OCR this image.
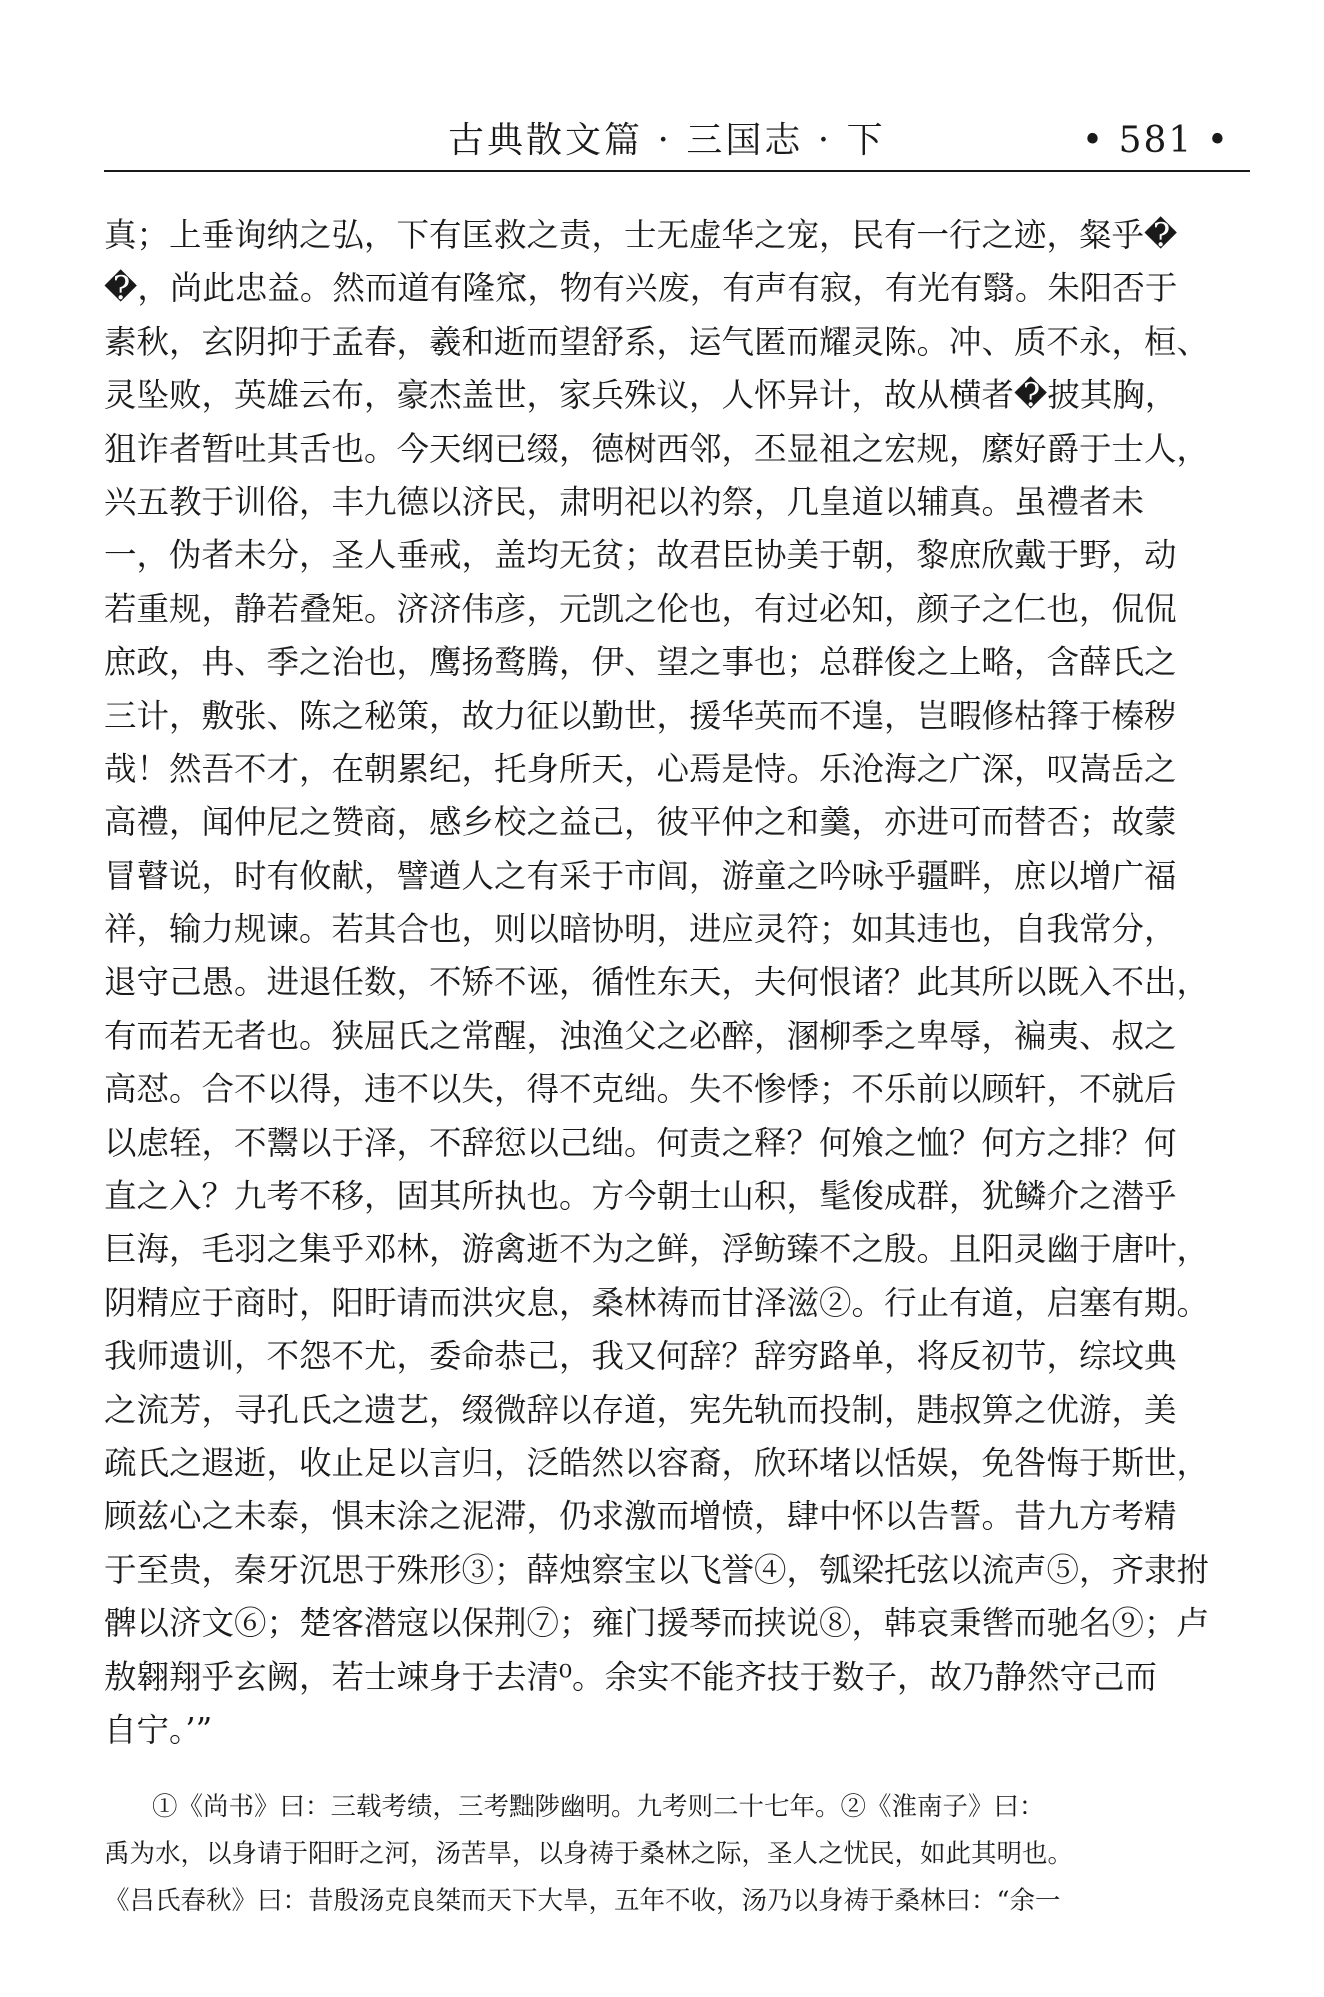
古典散文篇 · 三国志 · 下	• 581 •
真；上垂询纳之弘，下有匡救之责，士无虚华之宠，民有一行之迹，粲乎�
�，尚此忠益。然而道有隆窊，物有兴废，有声有寂，有光有翳。朱阳否于
素秋，玄阴抑于孟春，羲和逝而望舒系，运气匿而耀灵陈。冲、质不永，桓、
灵坠败，英雄云布，豪杰盖世，家兵殊议，人怀异计，故从横者�披其胸，
狙诈者暂吐其舌也。今天纲已缀，德树西邻，丕显祖之宏规，縻好爵于士人，
兴五教于训俗，丰九德以济民，肃明祀以礿祭，几皇道以辅真。虽禮者未
一，伪者未分，圣人垂戒，盖均无贫；故君臣协美于朝，黎庶欣戴于野，动
若重规，静若叠矩。济济伟彦，元凯之伦也，有过必知，颜子之仁也，侃侃
庶政，冉、季之治也，鹰扬鹜腾，伊、望之事也；总群俊之上略，含薛氏之
三计，敷张、陈之秘策，故力征以勤世，援华英而不遑，岂暇修枯箨于榛秽
哉！然吾不才，在朝累纪，托身所天，心焉是恃。乐沧海之广深，叹嵩岳之
高禮，闻仲尼之赞商，感乡校之益己，彼平仲之和羹，亦进可而替否；故蒙
冒瞽说，时有攸献，譬遒人之有采于市闾，游童之吟咏乎疆畔，庶以增广福
祥，输力规谏。若其合也，则以暗协明，进应灵符；如其违也，自我常分，
退守己愚。进退任数，不矫不诬，循性东天，夫何恨诸？此其所以既入不出，
有而若无者也。狭屈氏之常醒，浊渔父之必醉，溷柳季之卑辱，褊夷、叔之
高怼。合不以得，违不以失，得不克绌。失不惨悸；不乐前以顾轩，不就后
以虑轾，不鬻以于泽，不辞愆以己绌。何责之释？何飧之恤？何方之排？何
直之入？九考不移，固其所执也。方今朝士山积，髦俊成群，犹鳞介之潜乎
巨海，毛羽之集乎邓林，游禽逝不为之鲜，浮鲂臻不之殷。且阳灵幽于唐叶，
阴精应于商时，阳盱请而洪灾息，桑林祷而甘泽滋②。行止有道，启塞有期。
我师遗训，不怨不尤，委命恭己，我又何辞？辞穷路单，将反初节，综坟典
之流芳，寻孔氏之遗艺，缀微辞以存道，宪先轨而投制，韪叔箅之优游，美
疏氏之遐逝，收止足以言归，泛皓然以容裔，欣环堵以恬娱，免咎悔于斯世，
顾兹心之未泰，惧末涂之泥滞，仍求激而增愤，肆中怀以告誓。昔九方考精
于至贵，秦牙沉思于殊形③；薛烛察宝以飞誉④，瓠梁托弦以流声⑤，齐隶拊
髀以济文⑥；楚客潜寇以保荆⑦；雍门援琴而挟说⑧，韩哀秉辔而驰名⑨；卢
敖翱翔乎玄阙，若士竦身于去清⁰。余实不能齐技于数子，故乃静然守己而
自宁。’”
①《尚书》曰：三载考绩，三考黜陟幽明。九考则二十七年。②《淮南子》曰：
禹为水，以身请于阳盱之河，汤苦旱，以身祷于桑林之际，圣人之忧民，如此其明也。
《吕氏春秋》曰：昔殷汤克良桀而天下大旱，五年不收，汤乃以身祷于桑林曰：“余一
